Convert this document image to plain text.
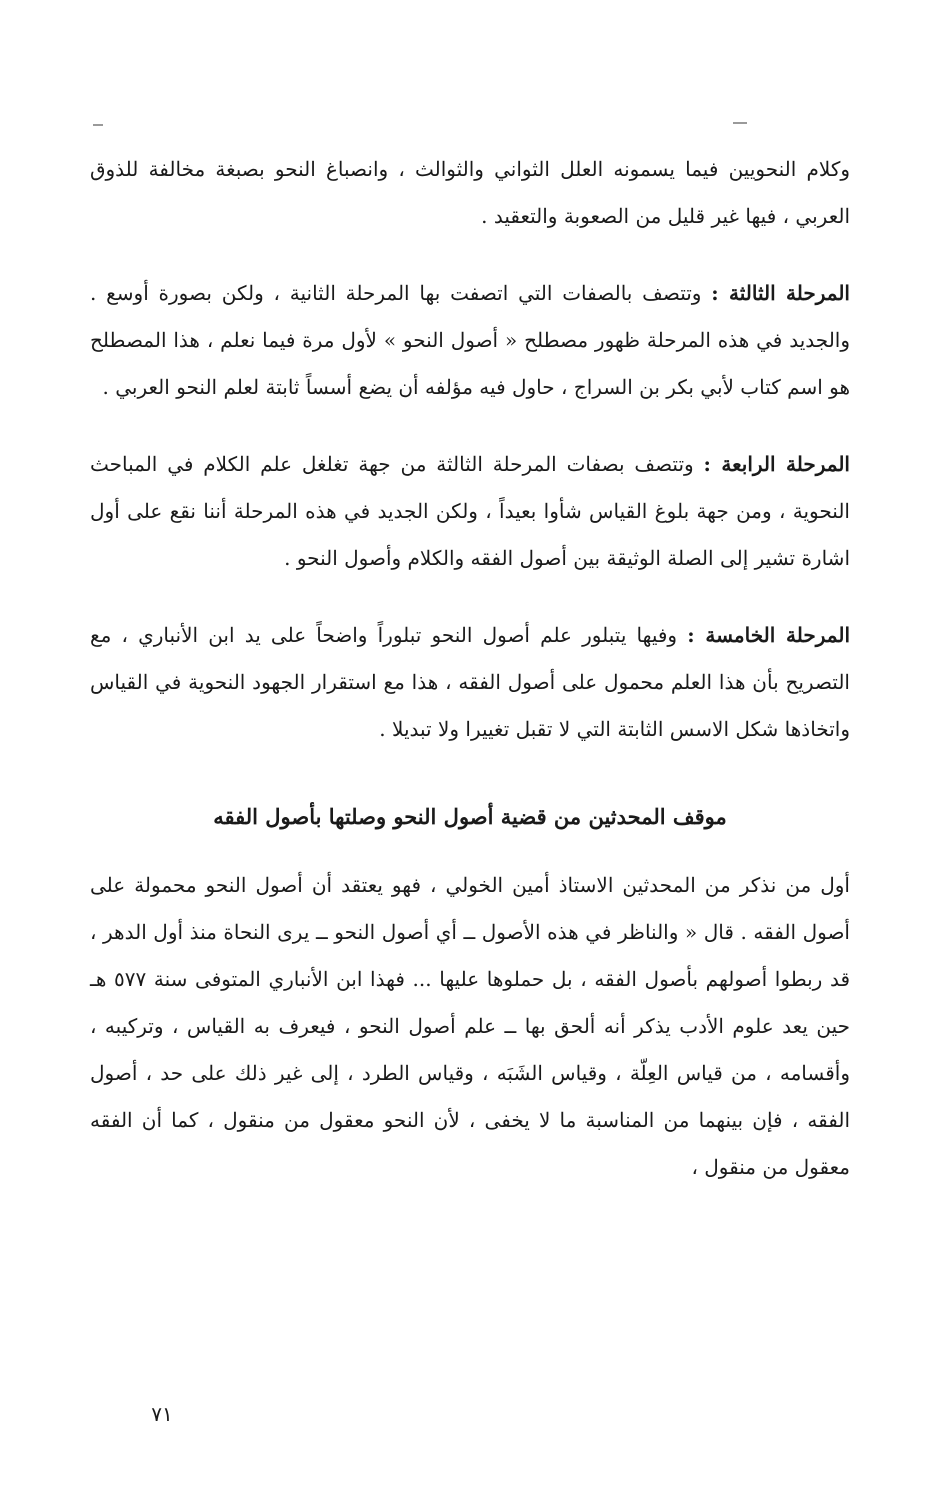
وكلام النحويين فيما يسمونه العلل الثواني والثوالث ، وانصباغ النحو بصبغة مخالفة للذوق العربي ، فيها غير قليل من الصعوبة والتعقيد .

المرحلة الثالثة : وتتصف بالصفات التي اتصفت بها المرحلة الثانية ، ولكن بصورة أوسع . والجديد في هذه المرحلة ظهور مصطلح « أصول النحو » لأول مرة فيما نعلم ، هذا المصطلح هو اسم كتاب لأبي بكر بن السراج ، حاول فيه مؤلفه أن يضع أسساً ثابتة لعلم النحو العربي .

المرحلة الرابعة : وتتصف بصفات المرحلة الثالثة من جهة تغلغل علم الكلام في المباحث النحوية ، ومن جهة بلوغ القياس شأوا بعيداً ، ولكن الجديد في هذه المرحلة أننا نقع على أول اشارة تشير إلى الصلة الوثيقة بين أصول الفقه والكلام وأصول النحو .

المرحلة الخامسة : وفيها يتبلور علم أصول النحو تبلوراً واضحاً على يد ابن الأنباري ، مع التصريح بأن هذا العلم محمول على أصول الفقه ، هذا مع استقرار الجهود النحوية في القياس واتخاذها شكل الاسس الثابتة التي لا تقبل تغييرا ولا تبديلا .

موقف المحدثين من قضية أصول النحو وصلتها بأصول الفقه

أول من نذكر من المحدثين الاستاذ أمين الخولي ، فهو يعتقد أن أصول النحو محمولة على أصول الفقه . قال « والناظر في هذه الأصول ــ أي أصول النحو ــ يرى النحاة منذ أول الدهر ، قد ربطوا أصولهم بأصول الفقه ، بل حملوها عليها ... فهذا ابن الأنباري المتوفى سنة ٥٧٧ هـ حين يعد علوم الأدب يذكر أنه ألحق بها ــ علم أصول النحو ، فيعرف به القياس ، وتركيبه ، وأقسامه ، من قياس العِلّة ، وقياس الشَبَه ، وقياس الطرد ، إلى غير ذلك على حد ، أصول الفقه ، فإن بينهما من المناسبة ما لا يخفى ، لأن النحو معقول من منقول ، كما أن الفقه معقول من منقول ،

٧١
